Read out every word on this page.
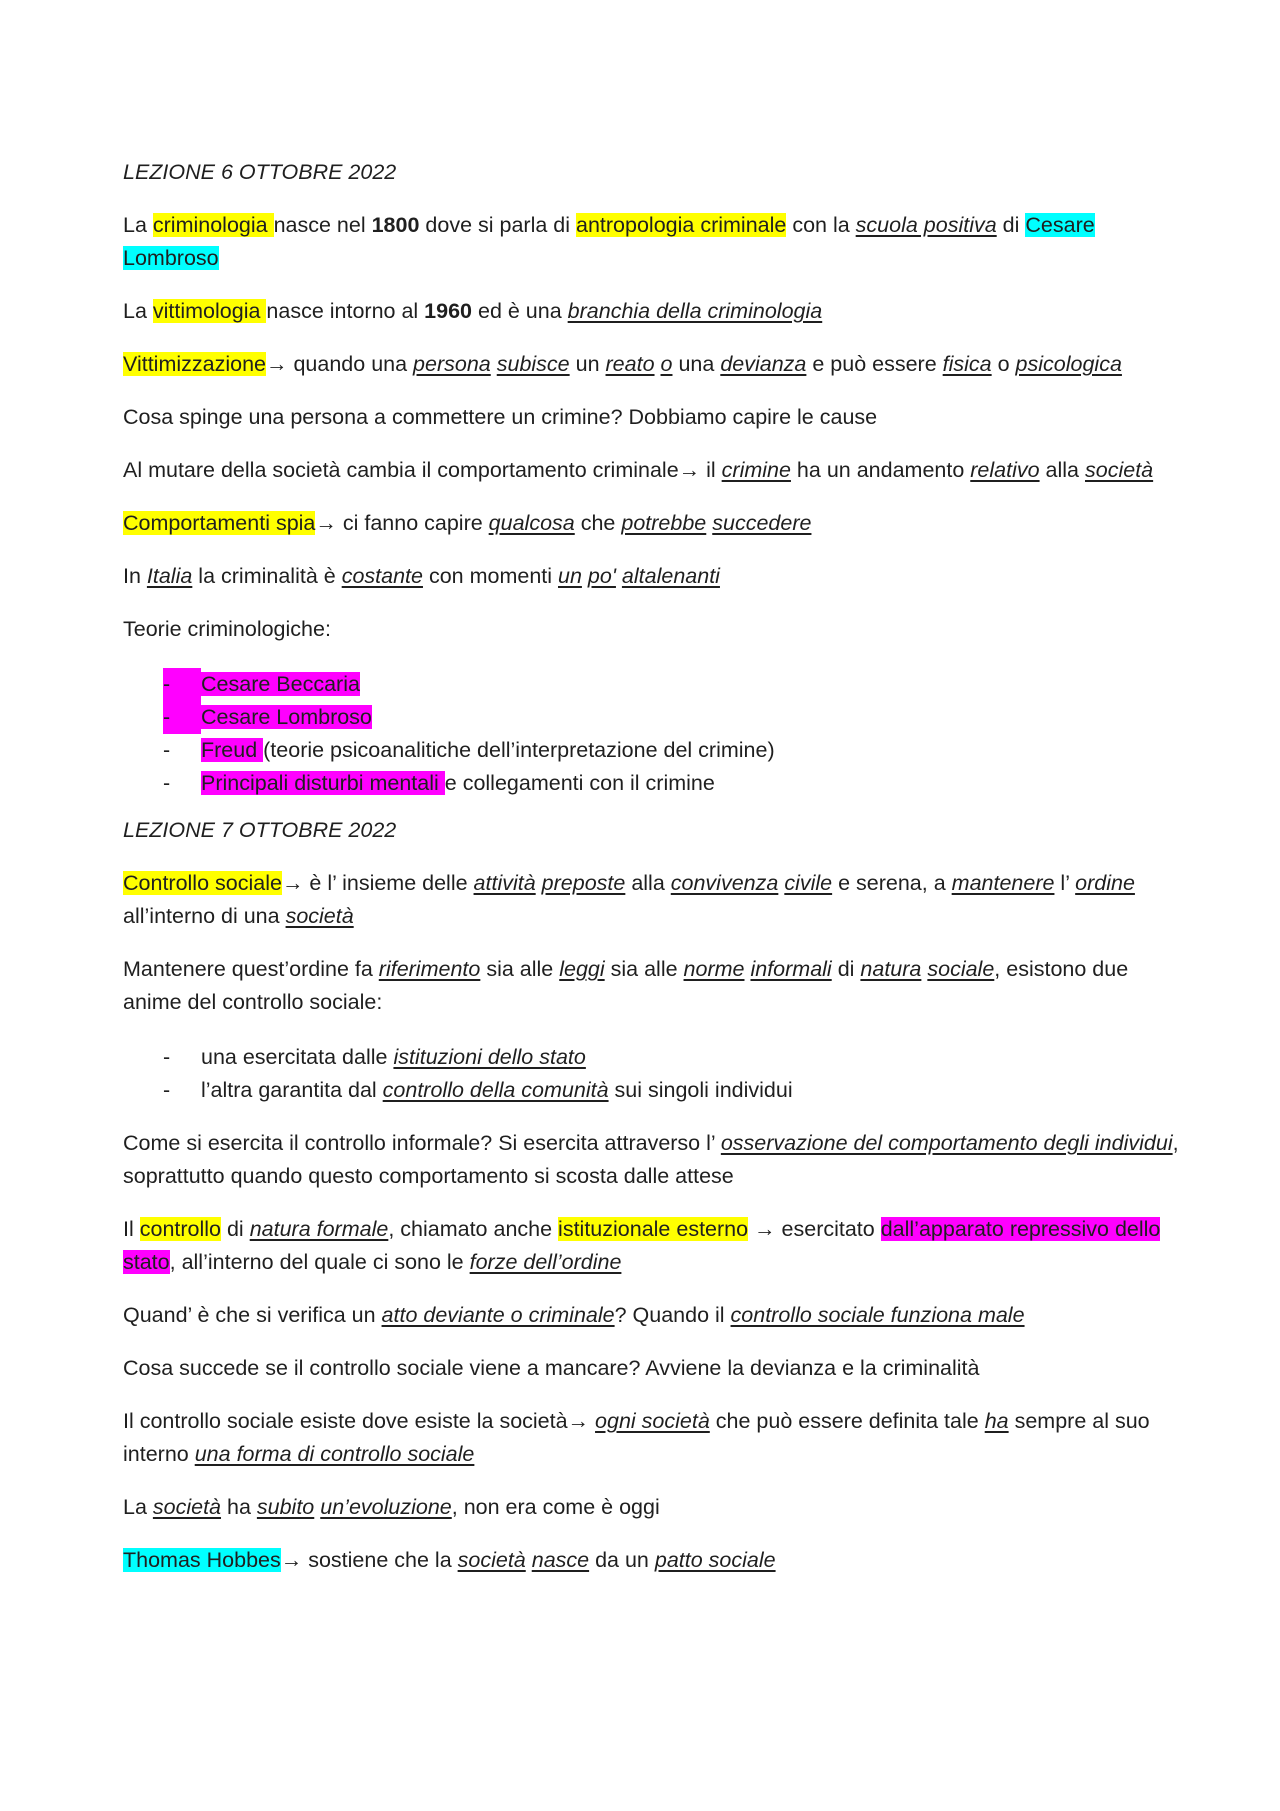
LEZIONE 6 OTTOBRE 2022

La criminologia nasce nel 1800 dove si parla di antropologia criminale con la scuola positiva di Cesare Lombroso

La vittimologia nasce intorno al 1960 ed è una branchia della criminologia

Vittimizzazione→ quando una persona subisce un reato o una devianza e può essere fisica o psicologica

Cosa spinge una persona a commettere un crimine? Dobbiamo capire le cause

Al mutare della società cambia il comportamento criminale→ il crimine ha un andamento relativo alla società

Comportamenti spia→ ci fanno capire qualcosa che potrebbe succedere

In Italia la criminalità è costante con momenti un po' altalenanti

Teorie criminologiche:

-	Cesare Beccaria
-	Cesare Lombroso
- Freud (teorie psicoanalitiche dell’interpretazione del crimine)
- Principali disturbi mentali e collegamenti con il crimine

LEZIONE 7 OTTOBRE 2022

Controllo sociale→ è l’ insieme delle attività preposte alla convivenza civile e serena, a mantenere l’ ordine all’interno di una società

Mantenere quest’ordine fa riferimento sia alle leggi sia alle norme informali di natura sociale, esistono due anime del controllo sociale:

- una esercitata dalle istituzioni dello stato
- l’altra garantita dal controllo della comunità sui singoli individui

Come si esercita il controllo informale? Si esercita attraverso l’ osservazione del comportamento degli individui, soprattutto quando questo comportamento si scosta dalle attese

Il controllo di natura formale, chiamato anche istituzionale esterno → esercitato dall’apparato repressivo dello stato, all’interno del quale ci sono le forze dell’ordine

Quand’ è che si verifica un atto deviante o criminale? Quando il controllo sociale funziona male

Cosa succede se il controllo sociale viene a mancare? Avviene la devianza e la criminalità

Il controllo sociale esiste dove esiste la società→ ogni società che può essere definita tale ha sempre al suo interno una forma di controllo sociale

La società ha subito un’evoluzione, non era come è oggi

Thomas Hobbes→ sostiene che la società nasce da un patto sociale
